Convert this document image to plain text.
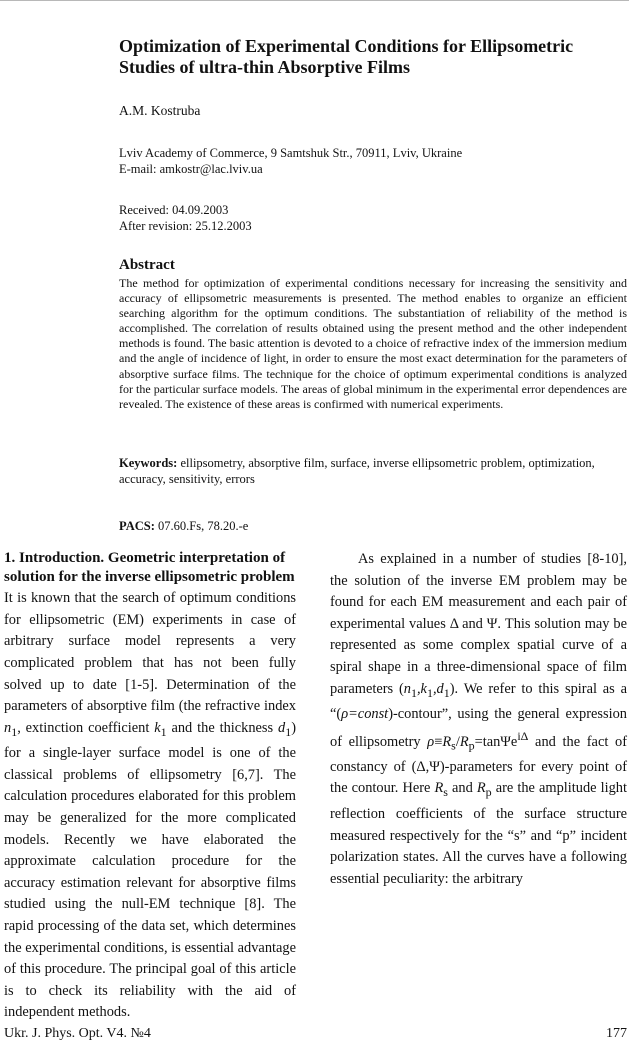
Optimization of Experimental Conditions for Ellipsometric Studies of ultra-thin Absorptive Films
A.M. Kostruba
Lviv Academy of Commerce, 9 Samtshuk Str., 70911, Lviv, Ukraine
E-mail: amkostr@lac.lviv.ua
Received: 04.09.2003
After revision: 25.12.2003
Abstract
The method for optimization of experimental conditions necessary for increasing the sensitivity and accuracy of ellipsometric measurements is presented. The method enables to organize an efficient searching algorithm for the optimum conditions. The substantiation of reliability of the method is accomplished. The correlation of results obtained using the present method and the other independent methods is found. The basic attention is devoted to a choice of refractive index of the immersion medium and the angle of incidence of light, in order to ensure the most exact determination for the parameters of absorptive surface films. The technique for the choice of optimum experimental conditions is analyzed for the particular surface models. The areas of global minimum in the experimental error dependences are revealed. The existence of these areas is confirmed with numerical experiments.
Keywords: ellipsometry, absorptive film, surface, inverse ellipsometric problem, optimization, accuracy, sensitivity, errors
PACS: 07.60.Fs, 78.20.-e
1. Introduction. Geometric interpretation of solution for the inverse ellipsometric problem

It is known that the search of optimum conditions for ellipsometric (EM) experiments in case of arbitrary surface model represents a very complicated problem that has not been fully solved up to date [1-5]. Determination of the parameters of absorptive film (the refractive index $n_1$, extinction coefficient $k_1$ and the thickness $d_1$) for a single-layer surface model is one of the classical problems of ellipsometry [6,7]. The calculation procedures elaborated for this problem may be generalized for the more complicated models. Recently we have elaborated the approximate calculation procedure for the accuracy estimation relevant for absorptive films studied using the null-EM technique [8]. The rapid processing of the data set, which determines the experimental conditions, is essential advantage of this procedure. The principal goal of this article is to check its reliability with the aid of independent methods.

As explained in a number of studies [8-10], the solution of the inverse EM problem may be found for each EM measurement and each pair of experimental values Δ and Ψ. This solution may be represented as some complex spatial curve of a spiral shape in a three-dimensional space of film parameters $(n_1,k_1,d_1)$. We refer to this spiral as a “(ρ=const)-contour”, using the general expression of ellipsometry $\rho\equiv R_s/R_p=\tan\Psi e^{i\Delta}$ and the fact of constancy of (Δ,Ψ)-parameters for every point of the contour. Here $R_s$ and $R_p$ are the amplitude light reflection coefficients of the surface structure measured respectively for the “s” and “p” incident polarization states. All the curves have a following essential peculiarity: the arbitrary

Ukr. J. Phys. Opt. V4. №4	177
